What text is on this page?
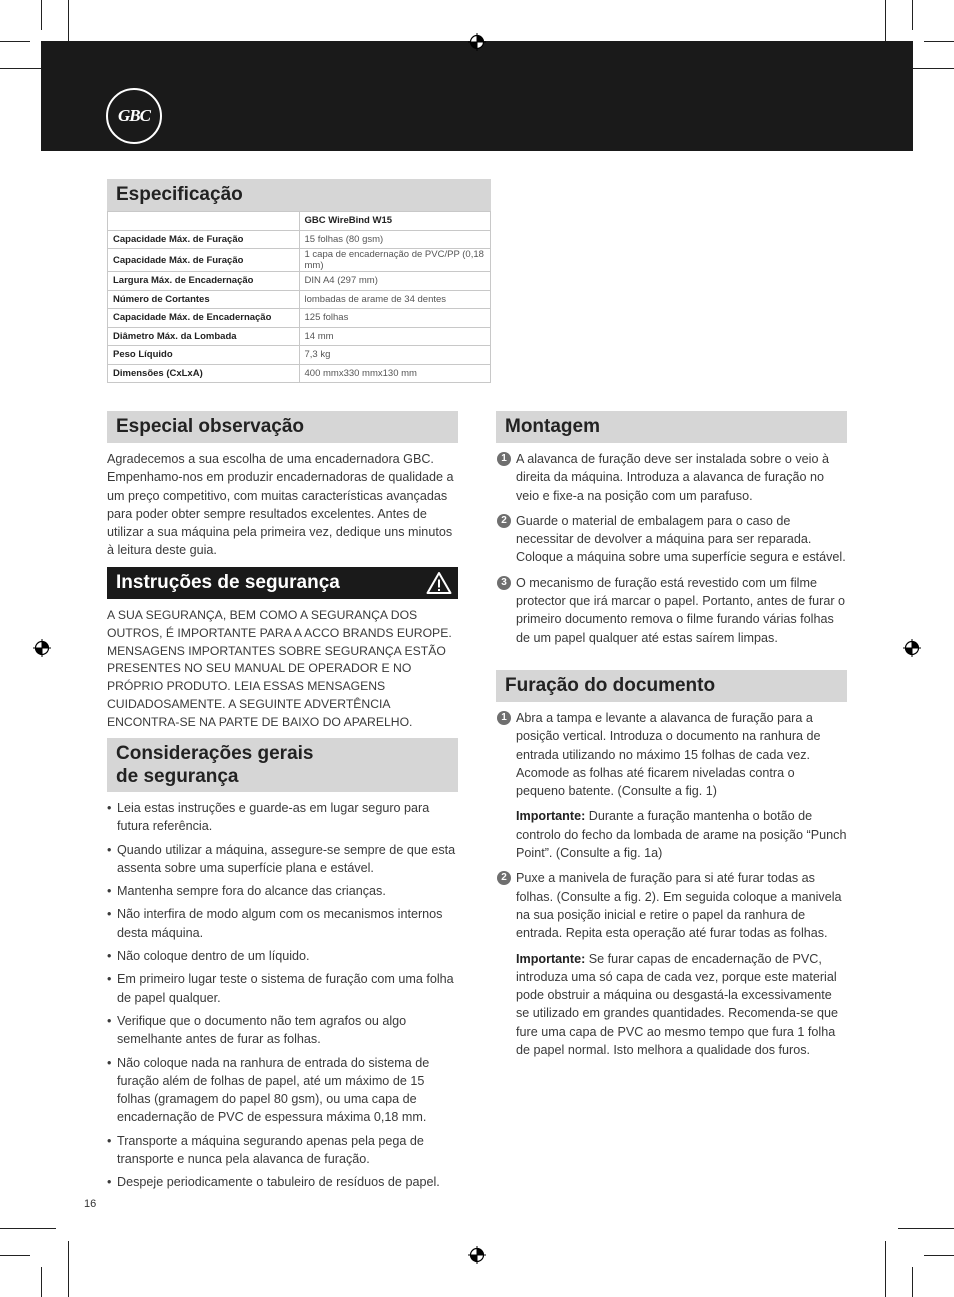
GBC
Especificação
	GBC WireBind W15
Capacidade Máx. de Furação	15 folhas (80 gsm)
Capacidade Máx. de Furação	1 capa de encadernação de PVC/PP (0,18 mm)
Largura Máx. de Encadernação	DIN A4 (297 mm)
Número de Cortantes	lombadas de arame de 34 dentes
Capacidade Máx. de Encadernação	125 folhas
Diâmetro Máx. da Lombada	14 mm
Peso Líquido	7,3 kg
Dimensões (CxLxA)	400 mmx330 mmx130 mm
Especial observação
Agradecemos a sua escolha de uma encadernadora GBC. Empenhamo-nos em produzir encadernadoras de qualidade a um preço competitivo, com muitas características avançadas para poder obter sempre resultados excelentes. Antes de utilizar a sua máquina pela primeira vez, dedique uns minutos à leitura deste guia.
Instruções de segurança
A SUA SEGURANÇA, BEM COMO A SEGURANÇA DOS OUTROS, É IMPORTANTE PARA A ACCO BRANDS EUROPE. MENSAGENS IMPORTANTES SOBRE SEGURANÇA ESTÃO PRESENTES NO SEU MANUAL DE OPERADOR E NO PRÓPRIO PRODUTO. LEIA ESSAS MENSAGENS CUIDADOSAMENTE. A SEGUINTE ADVERTÊNCIA ENCONTRA-SE NA PARTE DE BAIXO DO APARELHO.
Considerações gerais
de segurança
• Leia estas instruções e guarde-as em lugar seguro para futura referência.
• Quando utilizar a máquina, assegure-se sempre de que esta assenta sobre uma superfície plana e estável.
• Mantenha sempre fora do alcance das crianças.
• Não interfira de modo algum com os mecanismos internos desta máquina.
• Não coloque dentro de um líquido.
• Em primeiro lugar teste o sistema de furação com uma folha de papel qualquer.
• Verifique que o documento não tem agrafos ou algo semelhante antes de furar as folhas.
• Não coloque nada na ranhura de entrada do sistema de furação além de folhas de papel, até um máximo de 15 folhas (gramagem do papel 80 gsm), ou uma capa de encadernação de PVC de espessura máxima 0,18 mm.
• Transporte a máquina segurando apenas pela pega de transporte e nunca pela alavanca de furação.
• Despeje periodicamente o tabuleiro de resíduos de papel.
Montagem
1 A alavanca de furação deve ser instalada sobre o veio à direita da máquina. Introduza a alavanca de furação no veio e fixe-a na posição com um parafuso.
2 Guarde o material de embalagem para o caso de necessitar de devolver a máquina para ser reparada. Coloque a máquina sobre uma superfície segura e estável.
3 O mecanismo de furação está revestido com um filme protector que irá marcar o papel. Portanto, antes de furar o primeiro documento remova o filme furando várias folhas de um papel qualquer até estas saírem limpas.
Furação do documento
1 Abra a tampa e levante a alavanca de furação para a posição vertical. Introduza o documento na ranhura de entrada utilizando no máximo 15 folhas de cada vez. Acomode as folhas até ficarem niveladas contra o pequeno batente. (Consulte a fig. 1)
Importante: Durante a furação mantenha o botão de controlo do fecho da lombada de arame na posição “Punch Point”. (Consulte a fig. 1a)
2 Puxe a manivela de furação para si até furar todas as folhas. (Consulte a fig. 2). Em seguida coloque a manivela na sua posição inicial e retire o papel da ranhura de entrada. Repita esta operação até furar todas as folhas.
Importante: Se furar capas de encadernação de PVC, introduza uma só capa de cada vez, porque este material pode obstruir a máquina ou desgastá-la excessivamente se utilizado em grandes quantidades. Recomenda-se que fure uma capa de PVC ao mesmo tempo que fura 1 folha de papel normal. Isto melhora a qualidade dos furos.
16
